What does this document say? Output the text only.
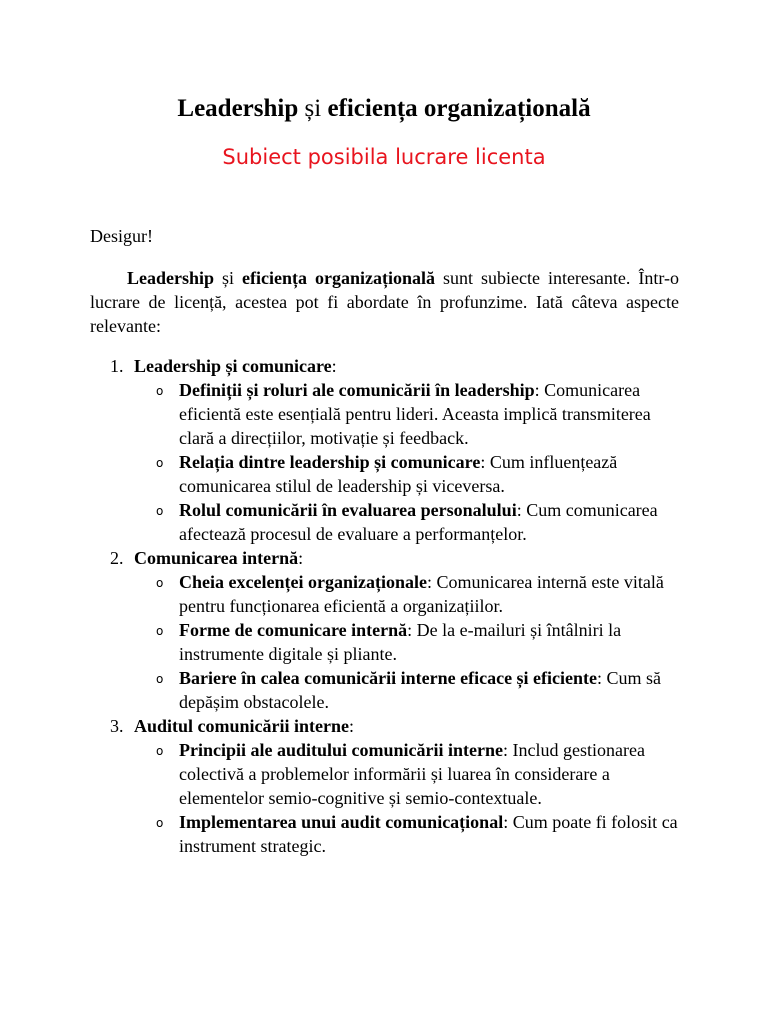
Leadership și eficiența organizațională
Subiect posibila lucrare licenta

Desigur!

Leadership și eficiența organizațională sunt subiecte interesante. Într-o lucrare de licență, acestea pot fi abordate în profunzime. Iată câteva aspecte relevante:

1. Leadership și comunicare:
o Definiții și roluri ale comunicării în leadership: Comunicarea eficientă este esențială pentru lideri. Aceasta implică transmiterea clară a direcțiilor, motivație și feedback.
o Relația dintre leadership și comunicare: Cum influențează comunicarea stilul de leadership și viceversa.
o Rolul comunicării în evaluarea personalului: Cum comunicarea afectează procesul de evaluare a performanțelor.
2. Comunicarea internă:
o Cheia excelenței organizaționale: Comunicarea internă este vitală pentru funcționarea eficientă a organizațiilor.
o Forme de comunicare internă: De la e-mailuri și întâlniri la instrumente digitale și pliante.
o Bariere în calea comunicării interne eficace și eficiente: Cum să depășim obstacolele.
3. Auditul comunicării interne:
o Principii ale auditului comunicării interne: Includ gestionarea colectivă a problemelor informării și luarea în considerare a elementelor semio-cognitive și semio-contextuale.
o Implementarea unui audit comunicațional: Cum poate fi folosit ca instrument strategic.
